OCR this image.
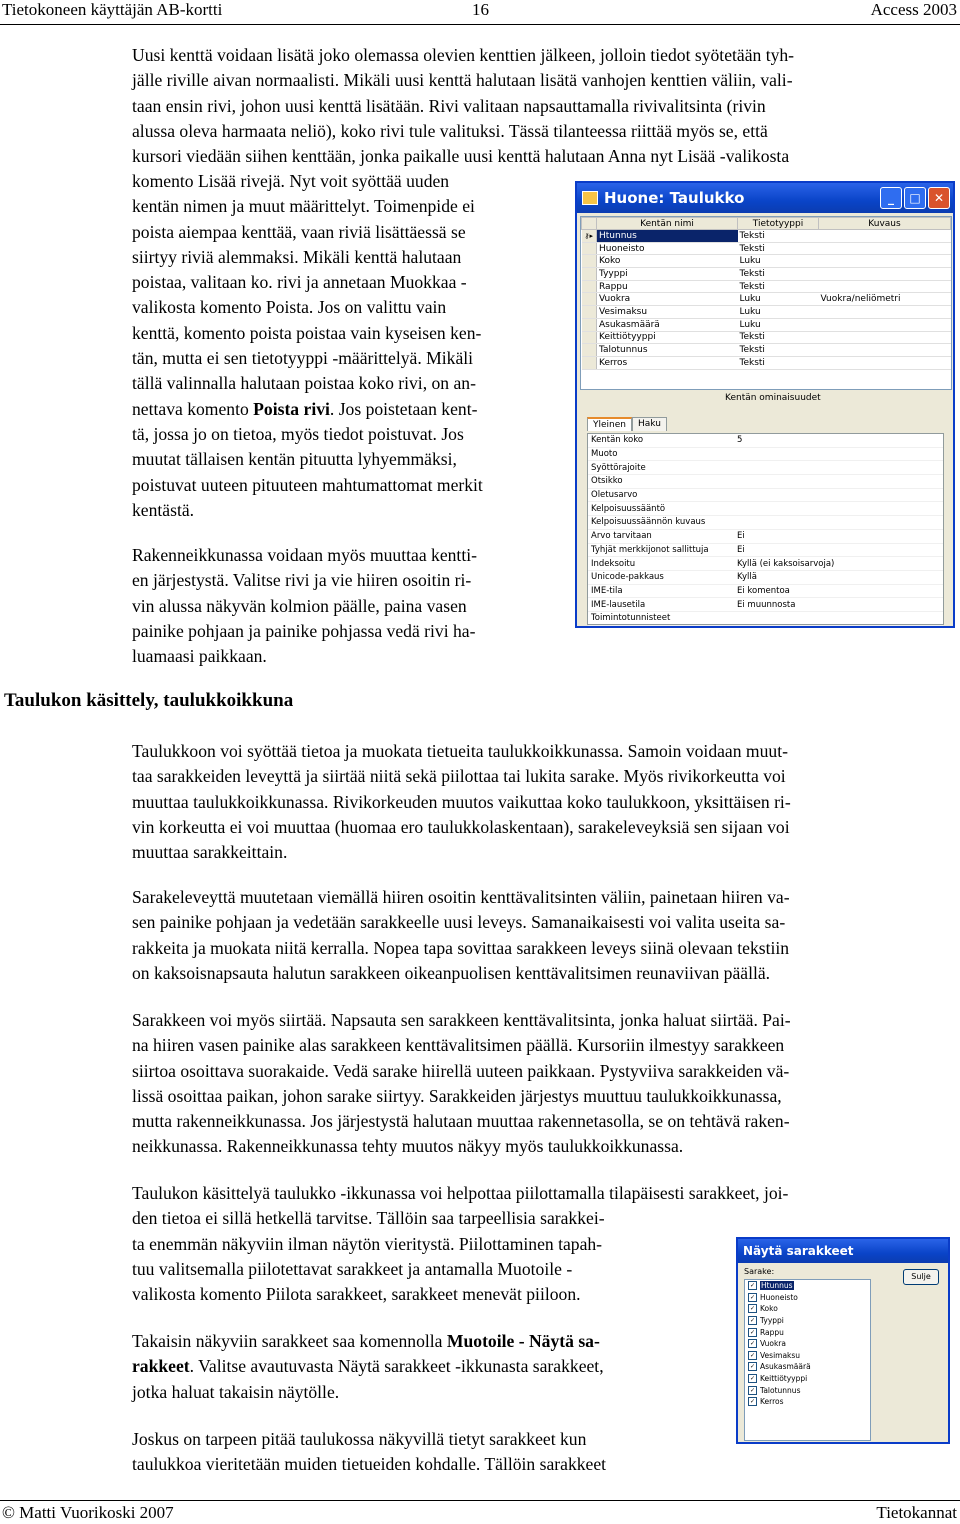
Tietokoneen käyttäjän AB-kortti	16	Access 2003
Uusi kenttä voidaan lisätä joko olemassa olevien kenttien jälkeen, jolloin tiedot syötetään tyh-
jälle riville aivan normaalisti. Mikäli uusi kenttä halutaan lisätä vanhojen kenttien väliin, vali-
taan ensin rivi, johon uusi kenttä lisätään. Rivi valitaan napsauttamalla rivivalitsinta (rivin
alussa oleva harmaata neliö), koko rivi tule valituksi. Tässä tilanteessa riittää myös se, että
kursori viedään siihen kenttään, jonka paikalle uusi kenttä halutaan Anna nyt Lisää -valikosta
komento Lisää rivejä. Nyt voit syöttää uuden
kentän nimen ja muut määrittelyt. Toimenpide ei
poista aiempaa kenttää, vaan riviä lisättäessä se
siirtyy riviä alemmaksi. Mikäli kenttä halutaan
poistaa, valitaan ko. rivi ja annetaan Muokkaa -
valikosta komento Poista. Jos on valittu vain
kenttä, komento poista poistaa vain kyseisen ken-
tän, mutta ei sen tietotyyppi -määrittelyä. Mikäli
tällä valinnalla halutaan poistaa koko rivi, on an-
nettava komento Poista rivi. Jos poistetaan kent-
tä, jossa jo on tietoa, myös tiedot poistuvat. Jos
muutat tällaisen kentän pituutta lyhyemmäksi,
poistuvat uuteen pituuteen mahtumattomat merkit
kentästä.
Rakenneikkunassa voidaan myös muuttaa kentti-
en järjestystä. Valitse rivi ja vie hiiren osoitin ri-
vin alussa näkyvän kolmion päälle, paina vasen
painike pohjaan ja painike pohjassa vedä rivi ha-
luamaasi paikkaan.
Huone: Taulukko	_	□	✕
	Kentän nimi	Tietotyyppi	Kuvaus
⚷▸	Htunnus	Teksti	
	Huoneisto	Teksti	
	Koko	Luku	
	Tyyppi	Teksti	
	Rappu	Teksti	
	Vuokra	Luku	Vuokra/neliömetri
	Vesimaksu	Luku	
	Asukasmäärä	Luku	
	Keittiötyyppi	Teksti	
	Talotunnus	Teksti	
	Kerros	Teksti	
Kentän ominaisuudet
Yleinen	Haku
Kentän koko	5
Muoto	
Syöttörajoite	
Otsikko	
Oletusarvo	
Kelpoisuussääntö	
Kelpoisuussäännön kuvaus	
Arvo tarvitaan	Ei
Tyhjät merkkijonot sallittuja	Ei
Indeksoitu	Kyllä (ei kaksoisarvoja)
Unicode-pakkaus	Kyllä
IME-tila	Ei komentoa
IME-lausetila	Ei muunnosta
Toimintotunnisteet	
Taulukon käsittely, taulukkoikkuna
Taulukkoon voi syöttää tietoa ja muokata tietueita taulukkoikkunassa. Samoin voidaan muut-
taa sarakkeiden leveyttä ja siirtää niitä sekä piilottaa tai lukita sarake. Myös rivikorkeutta voi
muuttaa taulukkoikkunassa. Rivikorkeuden muutos vaikuttaa koko taulukkoon, yksittäisen ri-
vin korkeutta ei voi muuttaa (huomaa ero taulukkolaskentaan), sarakeleveyksiä sen sijaan voi
muuttaa sarakkeittain.
Sarakeleveyttä muutetaan viemällä hiiren osoitin kenttävalitsinten väliin, painetaan hiiren va-
sen painike pohjaan ja vedetään sarakkeelle uusi leveys. Samanaikaisesti voi valita useita sa-
rakkeita ja muokata niitä kerralla. Nopea tapa sovittaa sarakkeen leveys siinä olevaan tekstiin
on kaksoisnapsauta halutun sarakkeen oikeanpuolisen kenttävalitsimen reunaviivan päällä.
Sarakkeen voi myös siirtää. Napsauta sen sarakkeen kenttävalitsinta, jonka haluat siirtää. Pai-
na hiiren vasen painike alas sarakkeen kenttävalitsimen päällä. Kursoriin ilmestyy sarakkeen
siirtoa osoittava suorakaide. Vedä sarake hiirellä uuteen paikkaan. Pystyviiva sarakkeiden vä-
lissä osoittaa paikan, johon sarake siirtyy. Sarakkeiden järjestys muuttuu taulukkoikkunassa,
mutta rakenneikkunassa. Jos järjestystä halutaan muuttaa rakennetasolla, se on tehtävä raken-
neikkunassa. Rakenneikkunassa tehty muutos näkyy myös taulukkoikkunassa.
Taulukon käsittelyä taulukko -ikkunassa voi helpottaa piilottamalla tilapäisesti sarakkeet, joi-
den tietoa ei sillä hetkellä tarvitse. Tällöin saa tarpeellisia sarakkei-
ta enemmän näkyviin ilman näytön vieritystä. Piilottaminen tapah-
tuu valitsemalla piilotettavat sarakkeet ja antamalla Muotoile -
valikosta komento Piilota sarakkeet, sarakkeet menevät piiloon.
Takaisin näkyviin sarakkeet saa komennolla Muotoile - Näytä sa-
rakkeet. Valitse avautuvasta Näytä sarakkeet -ikkunasta sarakkeet,
jotka haluat takaisin näytölle.
Joskus on tarpeen pitää taulukossa näkyvillä tietyt sarakkeet kun
taulukkoa vieritetään muiden tietueiden kohdalle. Tällöin sarakkeet
Näytä sarakkeet
Sarake:
Sulje
✓ Htunnus
✓ Huoneisto
✓ Koko
✓ Tyyppi
✓ Rappu
✓ Vuokra
✓ Vesimaksu
✓ Asukasmäärä
✓ Keittiötyyppi
✓ Talotunnus
✓ Kerros
© Matti Vuorikoski 2007	Tietokannat
